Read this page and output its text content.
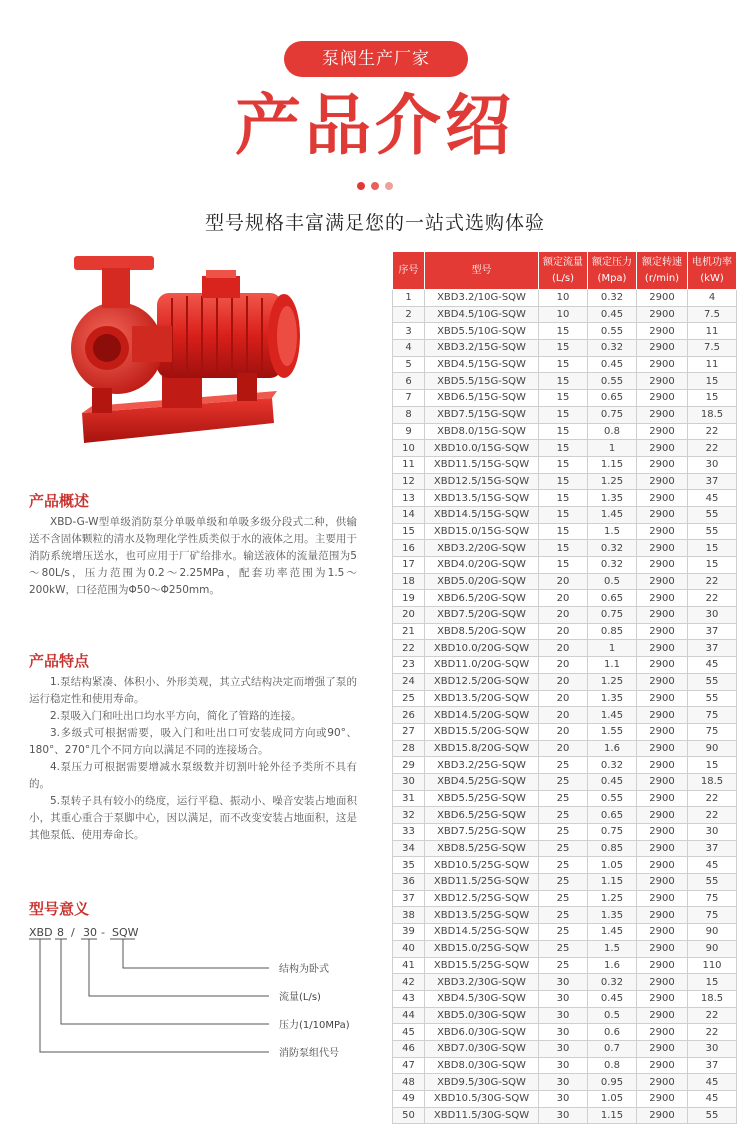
泵阀生产厂家
产品介绍
型号规格丰富满足您的一站式选购体验
产品概述

XBD-G-W型单级消防泵分单吸单级和单吸多级分段式二种，供输送不含固体颗粒的清水及物理化学性质类似于水的液体之用。主要用于消防系统增压送水，也可应用于厂矿给排水。输送液体的流量范围为5～80L/s，压力范围为0.2～2.25MPa，配套功率范围为1.5～200kW，口径范围为Φ50～Φ250mm。

产品特点

1.泵结构紧凑、体积小、外形美观，其立式结构决定而增强了泵的运行稳定性和使用寿命。

2.泵吸入门和吐出口均水平方向，简化了管路的连接。

3.多级式可根据需要，吸入门和吐出口可安装成同方向或90°、180°、270°几个不同方向以满足不同的连接场合。

4.泵压力可根据需要增减水泵级数并切割叶轮外径予类所不具有的。

5.泵转子具有较小的绕度，运行平稳、振动小、噪音安装占地面积小，其重心重合于泵脚中心，因以满足，而不改变安装占地面积，这是其他泵低、使用寿命长。

型号意义
XBD 8 / 30 - SQW
结构为卧式
流量(L/s)
压力(1/10MPa)
消防泵组代号
序号	型号	额定流量(L/s)	额定压力(Mpa)	额定转速(r/min)	电机功率(kW)
1	XBD3.2/10G-SQW	10	0.32	2900	4
2	XBD4.5/10G-SQW	10	0.45	2900	7.5
3	XBD5.5/10G-SQW	15	0.55	2900	11
4	XBD3.2/15G-SQW	15	0.32	2900	7.5
5	XBD4.5/15G-SQW	15	0.45	2900	11
6	XBD5.5/15G-SQW	15	0.55	2900	15
7	XBD6.5/15G-SQW	15	0.65	2900	15
8	XBD7.5/15G-SQW	15	0.75	2900	18.5
9	XBD8.0/15G-SQW	15	0.8	2900	22
10	XBD10.0/15G-SQW	15	1	2900	22
11	XBD11.5/15G-SQW	15	1.15	2900	30
12	XBD12.5/15G-SQW	15	1.25	2900	37
13	XBD13.5/15G-SQW	15	1.35	2900	45
14	XBD14.5/15G-SQW	15	1.45	2900	55
15	XBD15.0/15G-SQW	15	1.5	2900	55
16	XBD3.2/20G-SQW	15	0.32	2900	15
17	XBD4.0/20G-SQW	15	0.32	2900	15
18	XBD5.0/20G-SQW	20	0.5	2900	22
19	XBD6.5/20G-SQW	20	0.65	2900	22
20	XBD7.5/20G-SQW	20	0.75	2900	30
21	XBD8.5/20G-SQW	20	0.85	2900	37
22	XBD10.0/20G-SQW	20	1	2900	37
23	XBD11.0/20G-SQW	20	1.1	2900	45
24	XBD12.5/20G-SQW	20	1.25	2900	55
25	XBD13.5/20G-SQW	20	1.35	2900	55
26	XBD14.5/20G-SQW	20	1.45	2900	75
27	XBD15.5/20G-SQW	20	1.55	2900	75
28	XBD15.8/20G-SQW	20	1.6	2900	90
29	XBD3.2/25G-SQW	25	0.32	2900	15
30	XBD4.5/25G-SQW	25	0.45	2900	18.5
31	XBD5.5/25G-SQW	25	0.55	2900	22
32	XBD6.5/25G-SQW	25	0.65	2900	22
33	XBD7.5/25G-SQW	25	0.75	2900	30
34	XBD8.5/25G-SQW	25	0.85	2900	37
35	XBD10.5/25G-SQW	25	1.05	2900	45
36	XBD11.5/25G-SQW	25	1.15	2900	55
37	XBD12.5/25G-SQW	25	1.25	2900	75
38	XBD13.5/25G-SQW	25	1.35	2900	75
39	XBD14.5/25G-SQW	25	1.45	2900	90
40	XBD15.0/25G-SQW	25	1.5	2900	90
41	XBD15.5/25G-SQW	25	1.6	2900	110
42	XBD3.2/30G-SQW	30	0.32	2900	15
43	XBD4.5/30G-SQW	30	0.45	2900	18.5
44	XBD5.0/30G-SQW	30	0.5	2900	22
45	XBD6.0/30G-SQW	30	0.6	2900	22
46	XBD7.0/30G-SQW	30	0.7	2900	30
47	XBD8.0/30G-SQW	30	0.8	2900	37
48	XBD9.5/30G-SQW	30	0.95	2900	45
49	XBD10.5/30G-SQW	30	1.05	2900	45
50	XBD11.5/30G-SQW	30	1.15	2900	55
